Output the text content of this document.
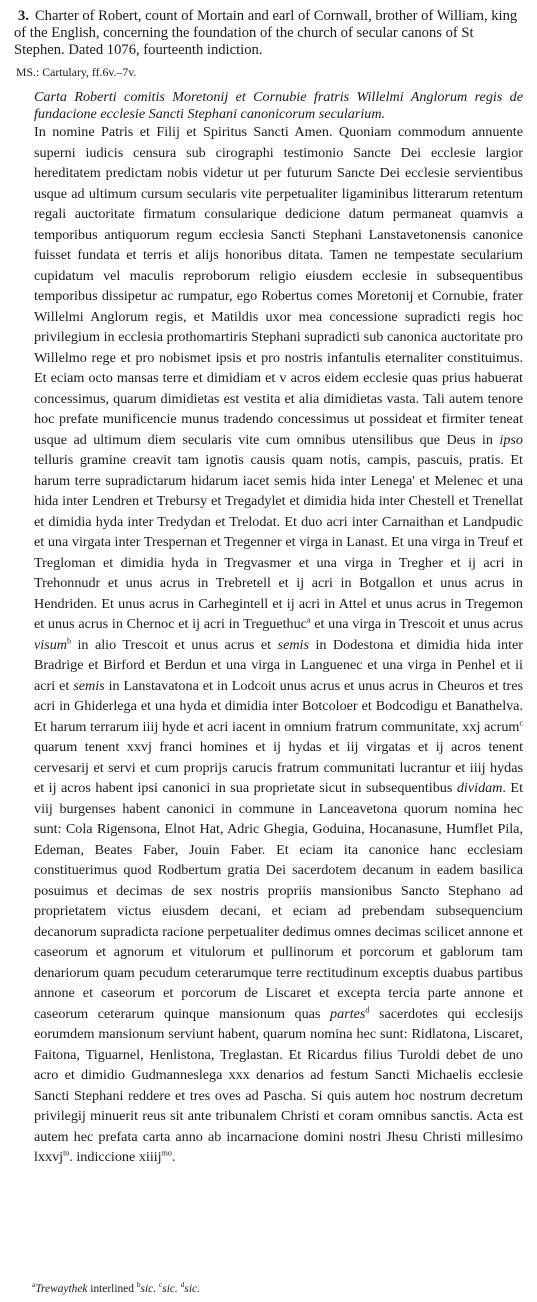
3. Charter of Robert, count of Mortain and earl of Cornwall, brother of William, king of the English, concerning the foundation of the church of secular canons of St Stephen. Dated 1076, fourteenth indiction.

MS.: Cartulary, ff.6v.–7v.

Carta Roberti comitis Moretonij et Cornubie fratris Willelmi Anglorum regis de fundacione ecclesie Sancti Stephani canonicorum secularium.

In nomine Patris et Filij et Spiritus Sancti Amen. Quoniam commodum annuente superni iudicis censura sub cirographi testimonio Sancte Dei ecclesie largior hereditatem predictam nobis videtur ut per futurum Sancte Dei ecclesie servientibus usque ad ultimum cursum secularis vite perpetualiter ligaminibus litterarum retentum regali auctoritate firmatum consularique dedicione datum permaneat quamvis a temporibus antiquorum regum ecclesia Sancti Stephani Lanstavetonensis canonice fuisset fundata et terris et alijs honoribus ditata. Tamen ne tempestate secularium cupidatum vel maculis reproborum religio eiusdem ecclesie in subsequentibus temporibus dissipetur ac rumpatur, ego Robertus comes Moretonij et Cornubie, frater Willelmi Anglorum regis, et Matildis uxor mea concessione supradicti regis hoc privilegium in ecclesia prothomartiris Stephani supradicti sub canonica auctoritate pro Willelmo rege et pro nobismet ipsis et pro nostris infantulis eternaliter constituimus. Et eciam octo mansas terre et dimidiam et v acros eidem ecclesie quas prius habuerat concessimus, quarum dimidietas est vestita et alia dimidietas vasta. Tali autem tenore hoc prefate munificencie munus tradendo concessimus ut possideat et firmiter teneat usque ad ultimum diem secularis vite cum omnibus utensilibus que Deus in ipso telluris gramine creavit tam ignotis causis quam notis, campis, pascuis, pratis. Et harum terre supradictarum hidarum iacet semis hida inter Lenega' et Melenec et una hida inter Lendren et Trebursy et Tregadylet et dimidia hida inter Chestell et Trenellat et dimidia hyda inter Tredydan et Trelodat. Et duo acri inter Carnaithan et Landpudic et una virgata inter Trespernan et Tregenner et virga in Lanast. Et una virga in Treuf et Tregloman et dimidia hyda in Tregvasmer et una virga in Tregher et ij acri in Trehonnudr et unus acrus in Trebretell et ij acri in Botgallon et unus acrus in Hendriden. Et unus acrus in Carhegintell et ij acri in Attel et unus acrus in Tregemon et unus acrus in Chernoc et ij acri in Treguethuc$^a$ et una virga in Trescoit et unus acrus visum$^b$ in alio Trescoit et unus acrus et semis in Dodestona et dimidia hida inter Bradrige et Birford et Berdun et una virga in Languenec et una virga in Penhel et ii acri et semis in Lanstavatona et in Lodcoit unus acrus et unus acrus in Cheuros et tres acri in Ghiderlega et una hyda et dimidia inter Botcoloer et Bodcodigu et Banathelva. Et harum terrarum iiij hyde et acri iacent in omnium fratrum communitate, xxj acrum$^c$ quarum tenent xxvj franci homines et ij hydas et iij virgatas et ij acros tenent cervesarij et servi et cum proprijs carucis fratrum communitati lucrantur et iiij hydas et ij acros habent ipsi canonici in sua proprietate sicut in subsequentibus dividam. Et viij burgenses habent canonici in commune in Lanceavetona quorum nomina hec sunt: Cola Rigensona, Elnot Hat, Adric Ghegia, Goduina, Hocanasune, Humflet Pila, Edeman, Beates Faber, Jouin Faber. Et eciam ita canonice hanc ecclesiam constituerimus quod Rodbertum gratia Dei sacerdotem decanum in eadem basilica posuimus et decimas de sex nostris propriis mansionibus Sancto Stephano ad proprietatem victus eiusdem decani, et eciam ad prebendam subsequencium decanorum supradicta racione perpetualiter dedimus omnes decimas scilicet annone et caseorum et agnorum et vitulorum et pullinorum et porcorum et gablorum tam denariorum quam pecudum ceterarumque terre rectitudinum exceptis duabus partibus annone et caseorum et porcorum de Liscaret et excepta tercia parte annone et caseorum ceterarum quinque mansionum quas partes$^d$ sacerdotes qui ecclesijs eorumdem mansionum serviunt habent, quarum nomina hec sunt: Ridlatona, Liscaret, Faitona, Tiguarnel, Henlistona, Treglastan. Et Ricardus filius Turoldi debet de uno acro et dimidio Gudmanneslega xxx denarios ad festum Sancti Michaelis ecclesie Sancti Stephani reddere et tres oves ad Pascha. Si quis autem hoc nostrum decretum privilegij minuerit reus sit ante tribunalem Christi et coram omnibus sanctis. Acta est autem hec prefata carta anno ab incarnacione domini nostri Jhesu Christi millesimo lxxvj$^{to}$. indiccione xiiij$^{mo}$.

$^a$Trewaythek interlined $^b$sic. $^c$sic. $^d$sic.
